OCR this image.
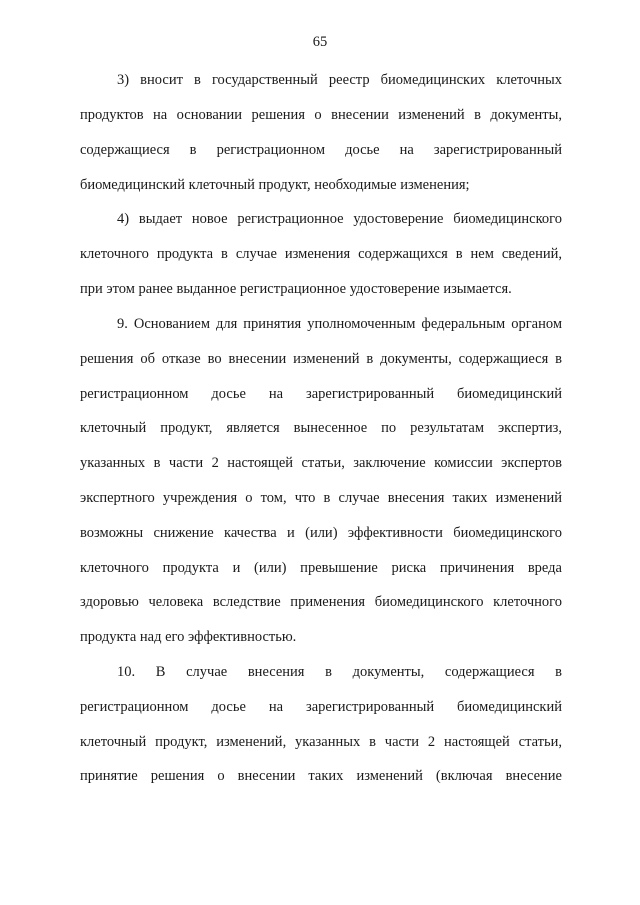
65
3) вносит в государственный реестр биомедицинских клеточных
продуктов на основании решения о внесении изменений в документы,
содержащиеся в регистрационном досье на зарегистрированный
биомедицинский клеточный продукт, необходимые изменения;
4) выдает новое регистрационное удостоверение биомедицинского
клеточного продукта в случае изменения содержащихся в нем сведений,
при этом ранее выданное регистрационное удостоверение изымается.
9. Основанием для принятия уполномоченным федеральным органом
решения об отказе во внесении изменений в документы, содержащиеся в
регистрационном досье на зарегистрированный биомедицинский
клеточный продукт, является вынесенное по результатам экспертиз,
указанных в части 2 настоящей статьи, заключение комиссии экспертов
экспертного учреждения о том, что в случае внесения таких изменений
возможны снижение качества и (или) эффективности биомедицинского
клеточного продукта и (или) превышение риска причинения вреда
здоровью человека вследствие применения биомедицинского клеточного
продукта над его эффективностью.
10. В случае внесения в документы, содержащиеся в
регистрационном досье на зарегистрированный биомедицинский
клеточный продукт, изменений, указанных в части 2 настоящей статьи,
принятие решения о внесении таких изменений (включая внесение
